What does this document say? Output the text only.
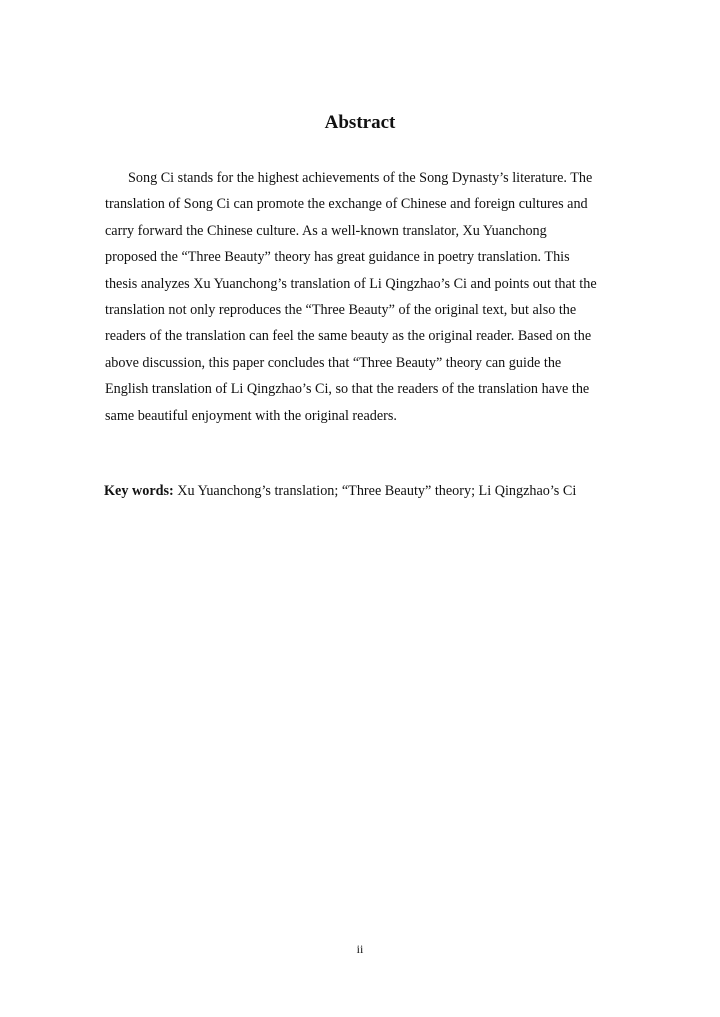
Abstract
Song Ci stands for the highest achievements of the Song Dynasty’s literature. The
translation of Song Ci can promote the exchange of Chinese and foreign cultures and
carry forward the Chinese culture. As a well-known translator, Xu Yuanchong
proposed the “Three Beauty” theory has great guidance in poetry translation. This
thesis analyzes Xu Yuanchong’s translation of Li Qingzhao’s Ci and points out that the
translation not only reproduces the “Three Beauty” of the original text, but also the
readers of the translation can feel the same beauty as the original reader. Based on the
above discussion, this paper concludes that “Three Beauty” theory can guide the
English translation of Li Qingzhao’s Ci, so that the readers of the translation have the
same beautiful enjoyment with the original readers.

Key words: Xu Yuanchong’s translation; “Three Beauty” theory; Li Qingzhao’s Ci

ii
